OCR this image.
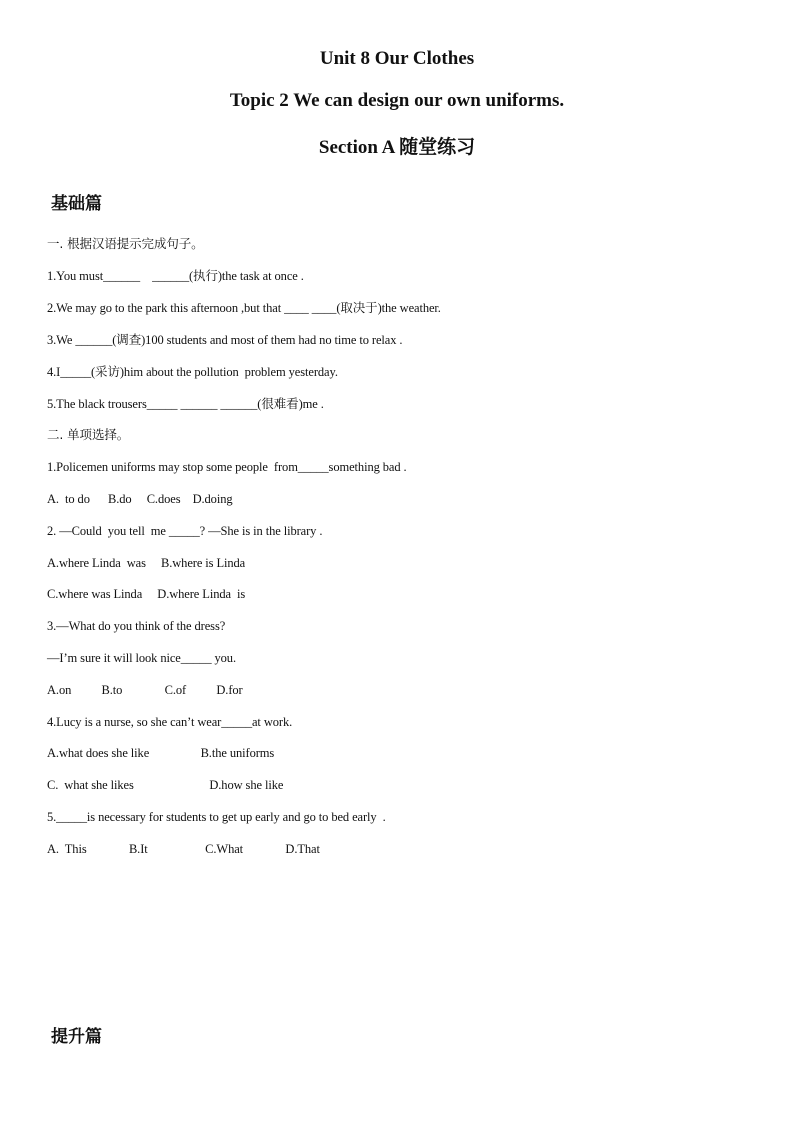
Unit 8 Our Clothes
Topic 2 We can design our own uniforms.
Section A 随堂练习
基础篇
一. 根据汉语提示完成句子。
1.You must______    ______(执行)the task at once .
2.We may go to the park this afternoon ,but that ____ ____(取决于)the weather.
3.We ______(调查)100 students and most of them had no time to relax .
4.I_____(采访)him about the pollution  problem yesterday.
5.The black trousers_____ ______ ______(很难看)me .
二. 单项选择。
1.Policemen uniforms may stop some people  from_____something bad .
A.  to do      B.do     C.does    D.doing
2. —Could  you tell  me _____? —She is in the library .
A.where Linda  was     B.where is Linda
C.where was Linda     D.where Linda  is
3.—What do you think of the dress?
—I’m sure it will look nice_____ you.
A.on          B.to              C.of          D.for
4.Lucy is a nurse, so she can’t wear_____at work.
A.what does she like                 B.the uniforms
C.  what she likes                         D.how she like
5._____is necessary for students to get up early and go to bed early  .
A.  This              B.It                   C.What              D.That
提升篇
